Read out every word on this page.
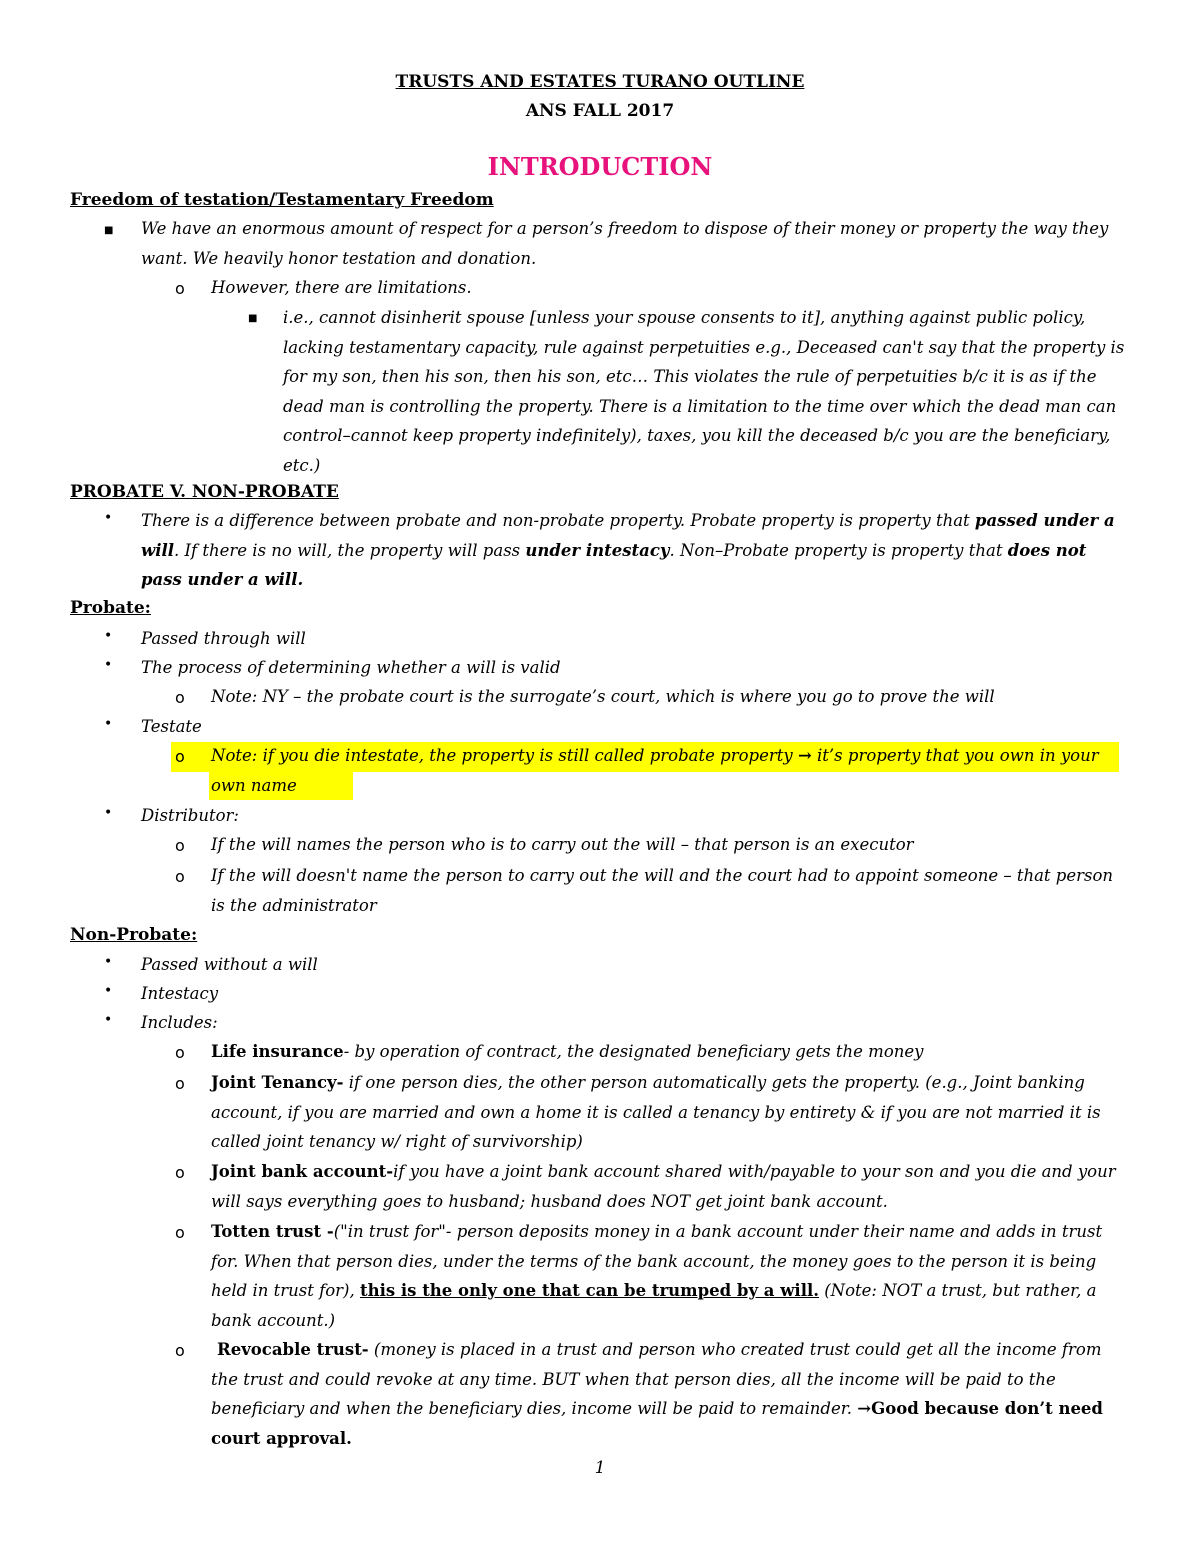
TRUSTS AND ESTATES TURANO OUTLINE
ANS FALL 2017
INTRODUCTION
Freedom of testation/Testamentary Freedom
■ We have an enormous amount of respect for a person’s freedom to dispose of their money or property the way they want. We heavily honor testation and donation.
o However, there are limitations.
■ i.e., cannot disinherit spouse [unless your spouse consents to it], anything against public policy, lacking testamentary capacity, rule against perpetuities e.g., Deceased can't say that the property is for my son, then his son, then his son, etc… This violates the rule of perpetuities b/c it is as if the dead man is controlling the property. There is a limitation to the time over which the dead man can control–cannot keep property indefinitely), taxes, you kill the deceased b/c you are the beneficiary, etc.)
PROBATE V. NON-PROBATE
• There is a difference between probate and non-probate property. Probate property is property that passed under a will. If there is no will, the property will pass under intestacy. Non–Probate property is property that does not pass under a will.
Probate:
• Passed through will
• The process of determining whether a will is valid
o Note: NY – the probate court is the surrogate’s court, which is where you go to prove the will
• Testate
o Note: if you die intestate, the property is still called probate property → it’s property that you own in your own name
• Distributor:
o If the will names the person who is to carry out the will – that person is an executor
o If the will doesn't name the person to carry out the will and the court had to appoint someone – that person is the administrator
Non-Probate:
• Passed without a will
• Intestacy
• Includes:
o Life insurance- by operation of contract, the designated beneficiary gets the money
o Joint Tenancy- if one person dies, the other person automatically gets the property. (e.g., Joint banking account, if you are married and own a home it is called a tenancy by entirety & if you are not married it is called joint tenancy w/ right of survivorship)
o Joint bank account-if you have a joint bank account shared with/payable to your son and you die and your will says everything goes to husband; husband does NOT get joint bank account.
o Totten trust -("in trust for"- person deposits money in a bank account under their name and adds in trust for. When that person dies, under the terms of the bank account, the money goes to the person it is being held in trust for), this is the only one that can be trumped by a will. (Note: NOT a trust, but rather, a bank account.)
o	Revocable trust- (money is placed in a trust and person who created trust could get all the income from the trust and could revoke at any time. BUT when that person dies, all the income will be paid to the beneficiary and when the beneficiary dies, income will be paid to remainder. →Good because don’t need court approval.
1
